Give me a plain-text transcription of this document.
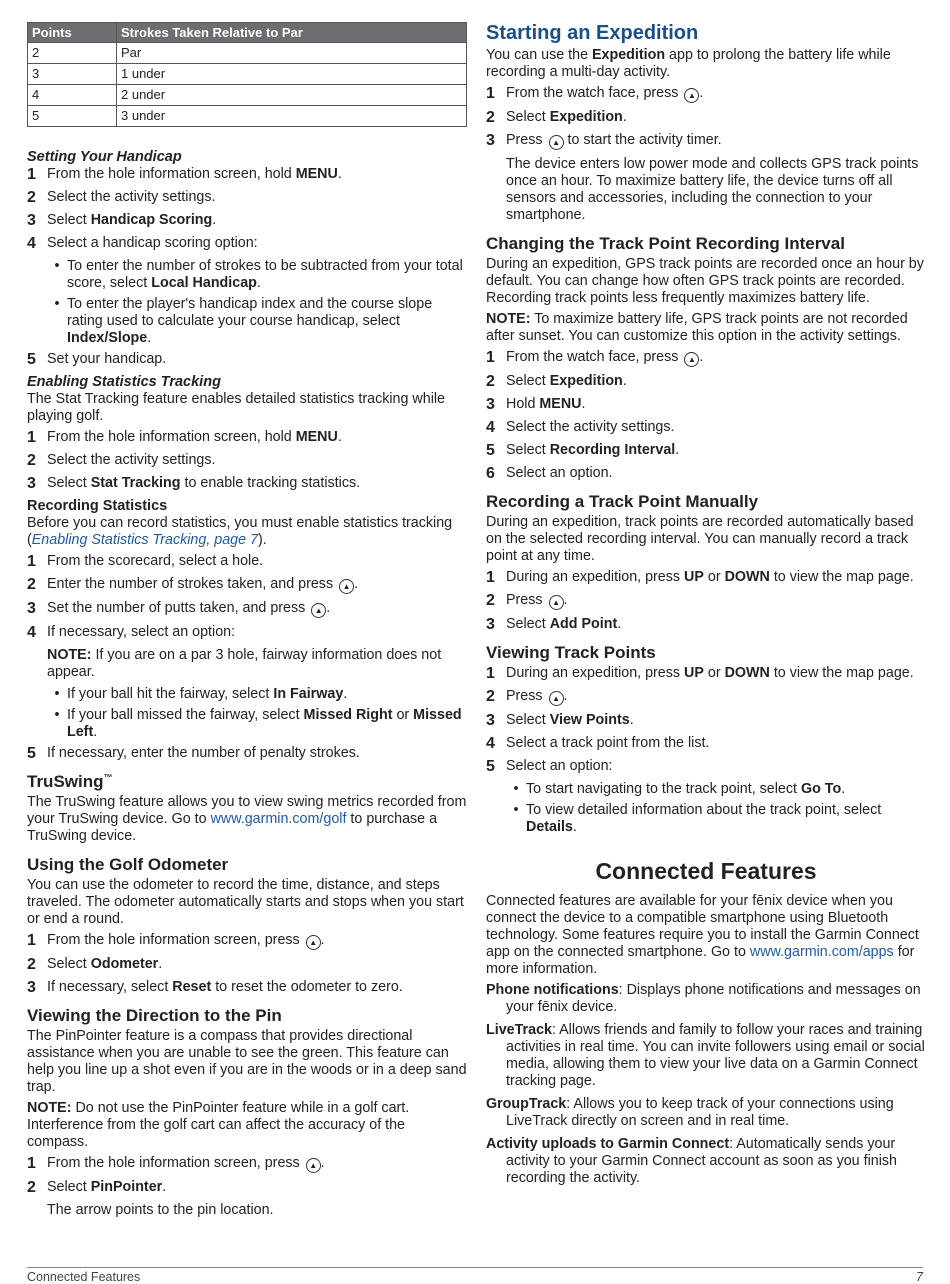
Points	Strokes Taken Relative to Par
2	Par
3	1 under
4	2 under
5	3 under
Setting Your Handicap
1 From the hole information screen, hold MENU.
2 Select the activity settings.
3 Select Handicap Scoring.
4 Select a handicap scoring option:
• To enter the number of strokes to be subtracted from your total score, select Local Handicap.
• To enter the player's handicap index and the course slope rating used to calculate your course handicap, select Index/Slope.
5 Set your handicap.
Enabling Statistics Tracking

The Stat Tracking feature enables detailed statistics tracking while playing golf.

1 From the hole information screen, hold MENU.
2 Select the activity settings.
3 Select Stat Tracking to enable tracking statistics.
Recording Statistics

Before you can record statistics, you must enable statistics tracking (Enabling Statistics Tracking, page 7).

1 From the scorecard, select a hole.
2 Enter the number of strokes taken, and press ▲ .
3 Set the number of putts taken, and press ▲ .
4 If necessary, select an option:
NOTE: If you are on a par 3 hole, fairway information does not appear.
• If your ball hit the fairway, select In Fairway.
• If your ball missed the fairway, select Missed Right or Missed Left.
5 If necessary, enter the number of penalty strokes.
TruSwing™

The TruSwing feature allows you to view swing metrics recorded from your TruSwing device. Go to www.garmin.com/golf to purchase a TruSwing device.

Using the Golf Odometer

You can use the odometer to record the time, distance, and steps traveled. The odometer automatically starts and stops when you start or end a round.

1 From the hole information screen, press ▲ .
2 Select Odometer.
3 If necessary, select Reset to reset the odometer to zero.
Viewing the Direction to the Pin

The PinPointer feature is a compass that provides directional assistance when you are unable to see the green. This feature can help you line up a shot even if you are in the woods or in a deep sand trap.

NOTE: Do not use the PinPointer feature while in a golf cart. Interference from the golf cart can affect the accuracy of the compass.

1 From the hole information screen, press ▲ .
2 Select PinPointer.
The arrow points to the pin location.
Starting an Expedition

You can use the Expedition app to prolong the battery life while recording a multi-day activity.

1 From the watch face, press ▲ .
2 Select Expedition.
3 Press ▲ to start the activity timer.
The device enters low power mode and collects GPS track points once an hour. To maximize battery life, the device turns off all sensors and accessories, including the connection to your smartphone.
Changing the Track Point Recording Interval

During an expedition, GPS track points are recorded once an hour by default. You can change how often GPS track points are recorded. Recording track points less frequently maximizes battery life.

NOTE: To maximize battery life, GPS track points are not recorded after sunset. You can customize this option in the activity settings.

1 From the watch face, press ▲ .
2 Select Expedition.
3 Hold MENU.
4 Select the activity settings.
5 Select Recording Interval.
6 Select an option.
Recording a Track Point Manually

During an expedition, track points are recorded automatically based on the selected recording interval. You can manually record a track point at any time.

1 During an expedition, press UP or DOWN to view the map page.
2 Press ▲ .
3 Select Add Point.
Viewing Track Points
1 During an expedition, press UP or DOWN to view the map page.
2 Press ▲ .
3 Select View Points.
4 Select a track point from the list.
5 Select an option:
• To start navigating to the track point, select Go To.
• To view detailed information about the track point, select Details.
Connected Features

Connected features are available for your fēnix device when you connect the device to a compatible smartphone using Bluetooth technology. Some features require you to install the Garmin Connect app on the connected smartphone. Go to www.garmin.com/apps for more information.

Phone notifications: Displays phone notifications and messages on your fēnix device.
LiveTrack: Allows friends and family to follow your races and training activities in real time. You can invite followers using email or social media, allowing them to view your live data on a Garmin Connect tracking page.
GroupTrack: Allows you to keep track of your connections using LiveTrack directly on screen and in real time.
Activity uploads to Garmin Connect: Automatically sends your activity to your Garmin Connect account as soon as you finish recording the activity.
Connected Features	7
